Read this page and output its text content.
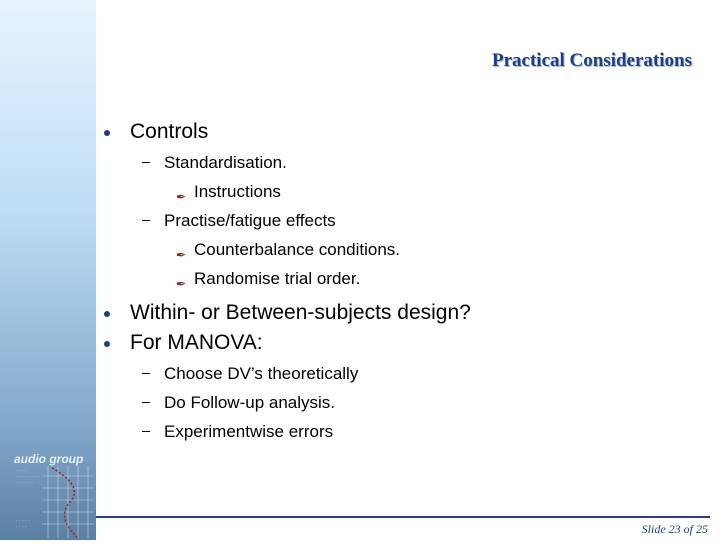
Practical Considerations
Controls
Standardisation.
✒ Instructions
Practise/fatigue effects
✒ Counterbalance conditions.
✒ Randomise trial order.
Within- or Between-subjects design?
For MANOVA:
Choose DV’s theoretically
Do Follow-up analysis.
Experimentwise errors
audio group
· · · ·
· · · · · · · ·
· · · · · ·
· · · · ·
· · · ·	Slide 23 of 25
